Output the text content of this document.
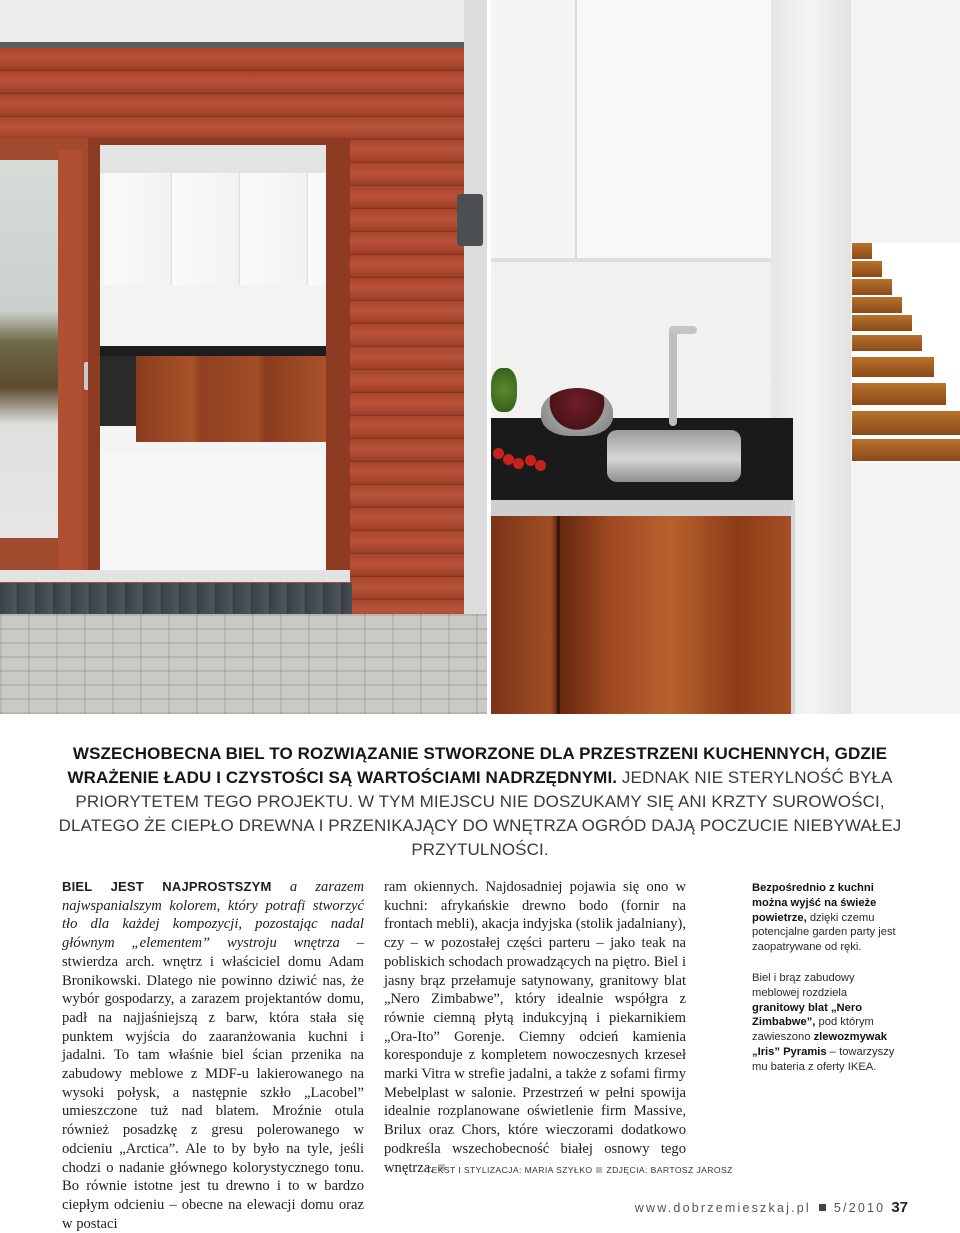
WSZECHOBECNA BIEL TO ROZWIĄZANIE STWORZONE DLA PRZESTRZENI KUCHENNYCH, GDZIE WRAŻENIE ŁADU I CZYSTOŚCI SĄ WARTOŚCIAMI NADRZĘDNYMI. JEDNAK NIE STERYLNOŚĆ BYŁA PRIORYTETEM TEGO PROJEKTU. W TYM MIEJSCU NIE DOSZUKAMY SIĘ ANI KRZTY SUROWOŚCI, DLATEGO ŻE CIEPŁO DREWNA I PRZENIKAJĄCY DO WNĘTRZA OGRÓD DAJĄ POCZUCIE NIEBYWAŁEJ PRZYTULNOŚCI.
BIEL JEST NAJPROSTSZYM a zarazem najwspanialszym kolorem, który potrafi stworzyć tło dla każdej kompozycji, pozostając nadal głównym „elementem” wystroju wnętrza – stwierdza arch. wnętrz i właściciel domu Adam Bronikowski. Dlatego nie powinno dziwić nas, że wybór gospodarzy, a zarazem projektantów domu, padł na najjaśniejszą z barw, która stała się punktem wyjścia do zaaranżowania kuchni i jadalni. To tam właśnie biel ścian przenika na zabudowy meblowe z MDF-u lakierowanego na wysoki połysk, a następnie szkło „Lacobel” umieszczone tuż nad blatem. Mroźnie otula również posadzkę z gresu polerowanego w odcieniu „Arctica”. Ale to by było na tyle, jeśli chodzi o nadanie głównego kolorystycznego tonu. Bo równie istotne jest tu drewno i to w bardzo ciepłym odcieniu – obecne na elewacji domu oraz w postaci
ram okiennych. Najdosadniej pojawia się ono w kuchni: afrykańskie drewno bodo (fornir na frontach mebli), akacja indyjska (stolik jadalniany), czy – w pozostałej części parteru – jako teak na pobliskich schodach prowadzących na piętro. Biel i jasny brąz przełamuje satynowany, granitowy blat „Nero Zimbabwe”, który idealnie współgra z równie ciemną płytą indukcyjną i piekarnikiem „Ora-Ito” Gorenje. Ciemny odcień kamienia koresponduje z kompletem nowoczesnych krzeseł marki Vitra w strefie jadalni, a także z sofami firmy Mebelplast w salonie. Przestrzeń w pełni spowija idealnie rozplanowane oświetlenie firm Massive, Brilux oraz Chors, które wieczorami dodatkowo podkreśla wszechobecność białej osnowy tego wnętrza.
TEKST I STYLIZACJA: MARIA SZYŁKO ZDJĘCIA: BARTOSZ JAROSZ
Bezpośrednio z kuchni można wyjść na świeże powietrze, dzięki czemu potencjalne garden party jest zaopatrywane od ręki.
Biel i brąz zabudowy meblowej rozdziela granitowy blat „Nero Zimbabwe”, pod którym zawieszono zlewozmywak „Iris” Pyramis – towarzyszy mu bateria z oferty IKEA.
www.dobrzemieszkaj.pl 5/2010 37
